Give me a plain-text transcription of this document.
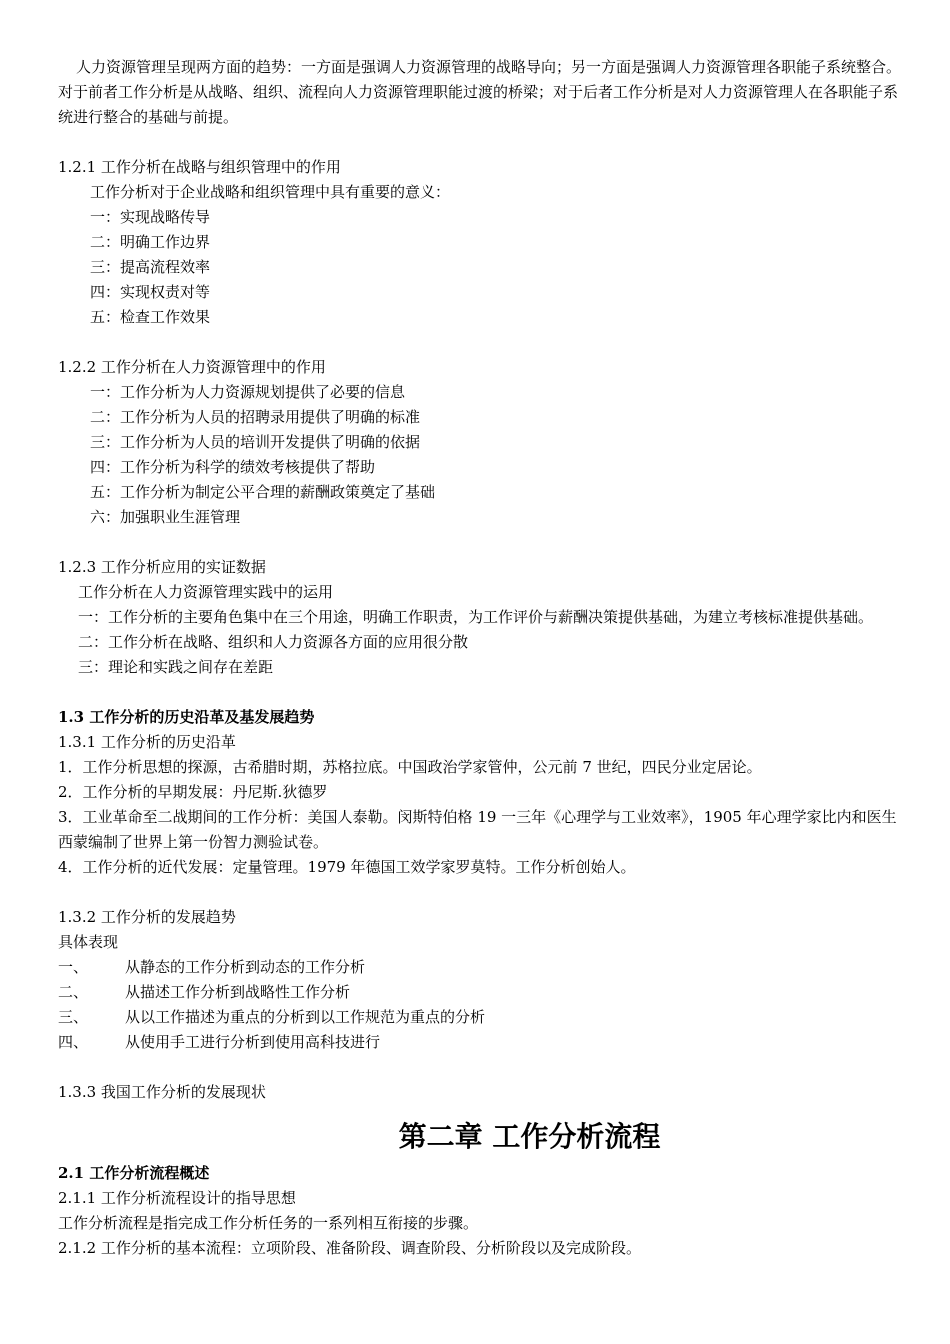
人力资源管理呈现两方面的趋势：一方面是强调人力资源管理的战略导向；另一方面是强调人力资源管理各职能子系统整合。对于前者工作分析是从战略、组织、流程向人力资源管理职能过渡的桥梁；对于后者工作分析是对人力资源管理人在各职能子系统进行整合的基础与前提。

1.2.1 工作分析在战略与组织管理中的作用

工作分析对于企业战略和组织管理中具有重要的意义：

一：实现战略传导

二：明确工作边界

三：提高流程效率

四：实现权责对等

五：检查工作效果

1.2.2 工作分析在人力资源管理中的作用

一：工作分析为人力资源规划提供了必要的信息

二：工作分析为人员的招聘录用提供了明确的标准

三：工作分析为人员的培训开发提供了明确的依据

四：工作分析为科学的绩效考核提供了帮助

五：工作分析为制定公平合理的薪酬政策奠定了基础

六：加强职业生涯管理

1.2.3 工作分析应用的实证数据

工作分析在人力资源管理实践中的运用

一：工作分析的主要角色集中在三个用途，明确工作职责，为工作评价与薪酬决策提供基础，为建立考核标准提供基础。

二：工作分析在战略、组织和人力资源各方面的应用很分散

三：理论和实践之间存在差距

1.3 工作分析的历史沿革及基发展趋势

1.3.1 工作分析的历史沿革

1．工作分析思想的探源，古希腊时期，苏格拉底。中国政治学家管仲，公元前 7 世纪，四民分业定居论。

2．工作分析的早期发展：丹尼斯.狄德罗

3．工业革命至二战期间的工作分析：美国人泰勒。闵斯特伯格 19 一三年《心理学与工业效率》，1905 年心理学家比内和医生西蒙编制了世界上第一份智力测验试卷。

4．工作分析的近代发展：定量管理。1979 年德国工效学家罗莫特。工作分析创始人。

1.3.2 工作分析的发展趋势

具体表现

一、	从静态的工作分析到动态的工作分析
二、	从描述工作分析到战略性工作分析
三、	从以工作描述为重点的分析到以工作规范为重点的分析
四、	从使用手工进行分析到使用高科技进行

1.3.3 我国工作分析的发展现状

第二章 工作分析流程

2.1 工作分析流程概述

2.1.1 工作分析流程设计的指导思想

工作分析流程是指完成工作分析任务的一系列相互衔接的步骤。

2.1.2 工作分析的基本流程：立项阶段、准备阶段、调查阶段、分析阶段以及完成阶段。
